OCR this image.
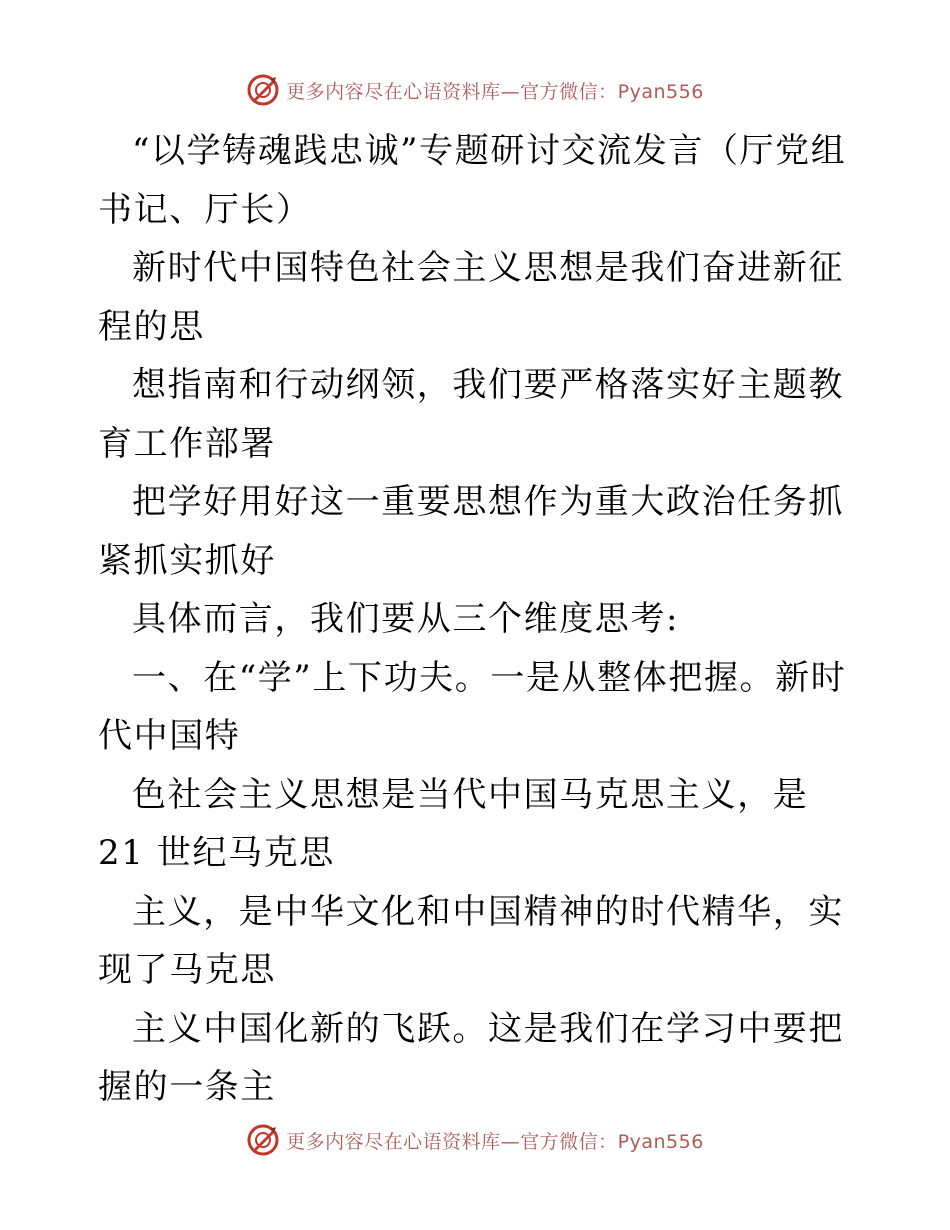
更多内容尽在心语资料库—官方微信：Pyan556

“以学铸魂践忠诚”专题研讨交流发言（厅党组书记、厅长）

新时代中国特色社会主义思想是我们奋进新征程的思

想指南和行动纲领，我们要严格落实好主题教育工作部署

把学好用好这一重要思想作为重大政治任务抓紧抓实抓好

具体而言，我们要从三个维度思考:

一、在“学”上下功夫。一是从整体把握。新时代中国特

色社会主义思想是当代中国马克思主义，是 21 世纪马克思

主义，是中华文化和中国精神的时代精华，实现了马克思

主义中国化新的飞跃。这是我们在学习中要把握的一条主

更多内容尽在心语资料库—官方微信：Pyan556
